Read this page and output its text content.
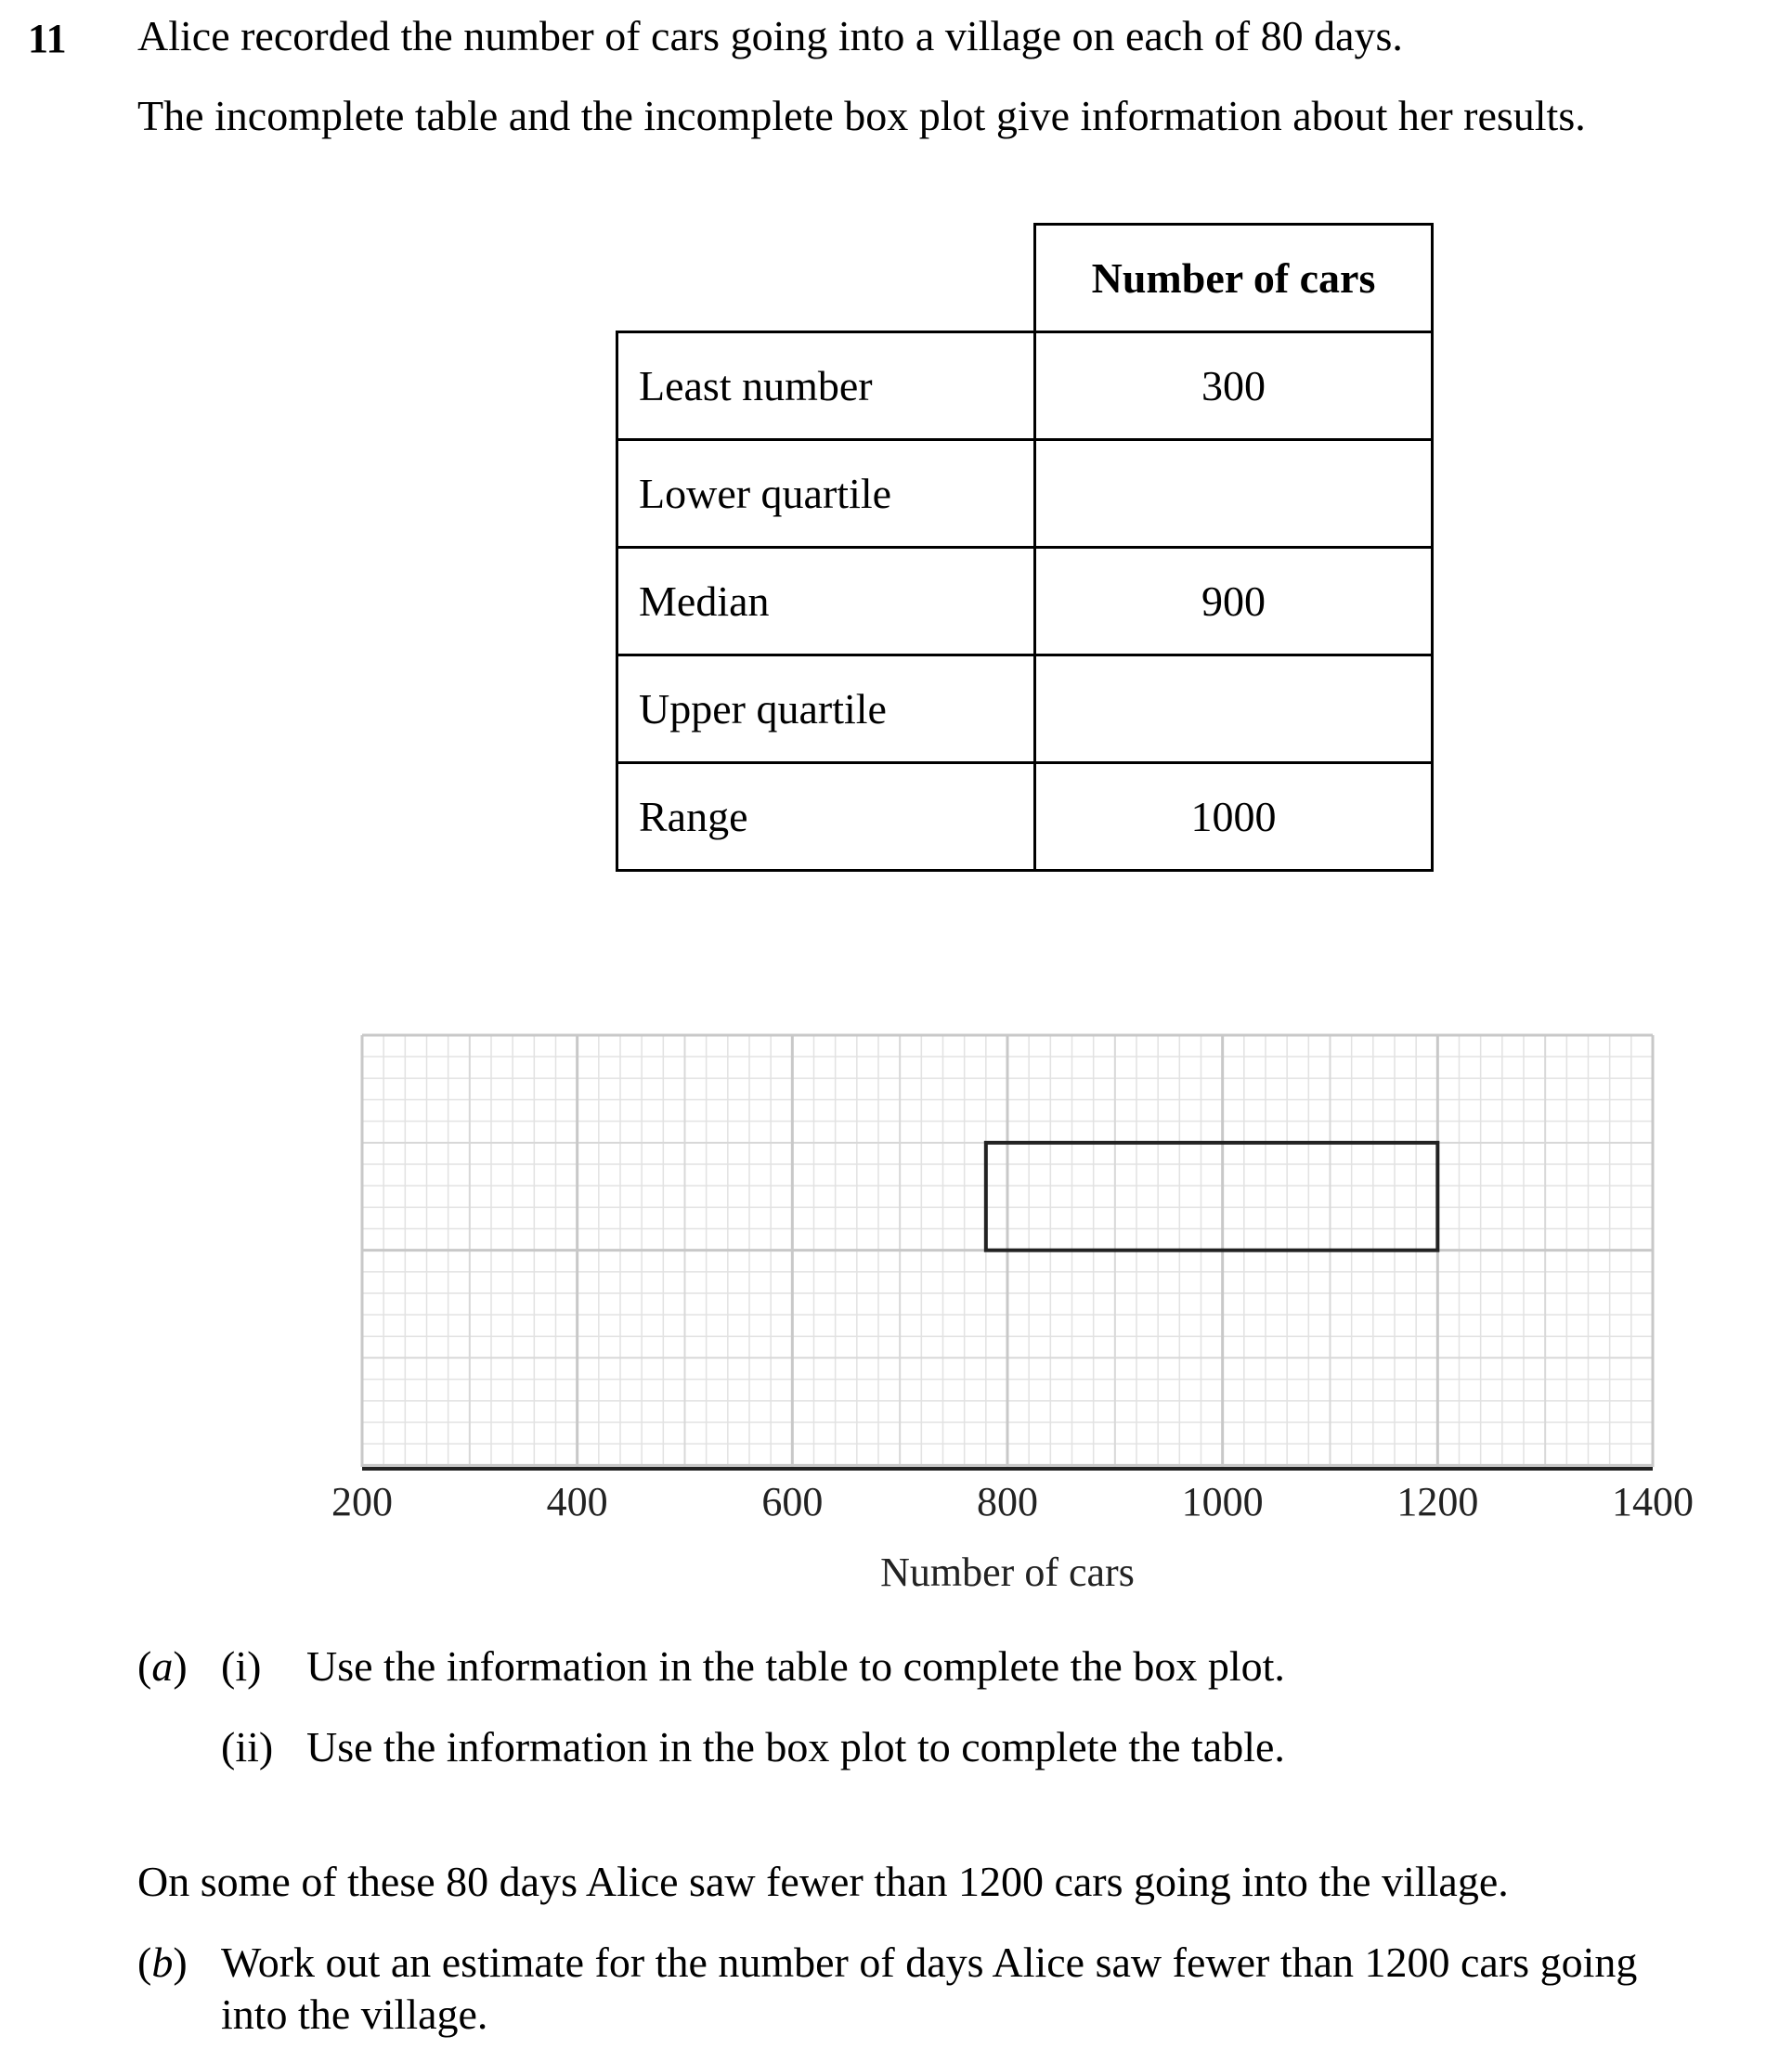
11 Alice recorded the number of cars going into a village on each of 80 days.
The incomplete table and the incomplete box plot give information about her results.
	Number of cars
Least number	300
Lower quartile	
Median	900
Upper quartile	
Range	1000
200	400	600	800	1000	1200	1400
Number of cars
(a) (i) Use the information in the table to complete the box plot.
(ii) Use the information in the box plot to complete the table.
On some of these 80 days Alice saw fewer than 1200 cars going into the village.
(b) Work out an estimate for the number of days Alice saw fewer than 1200 cars going
into the village.
